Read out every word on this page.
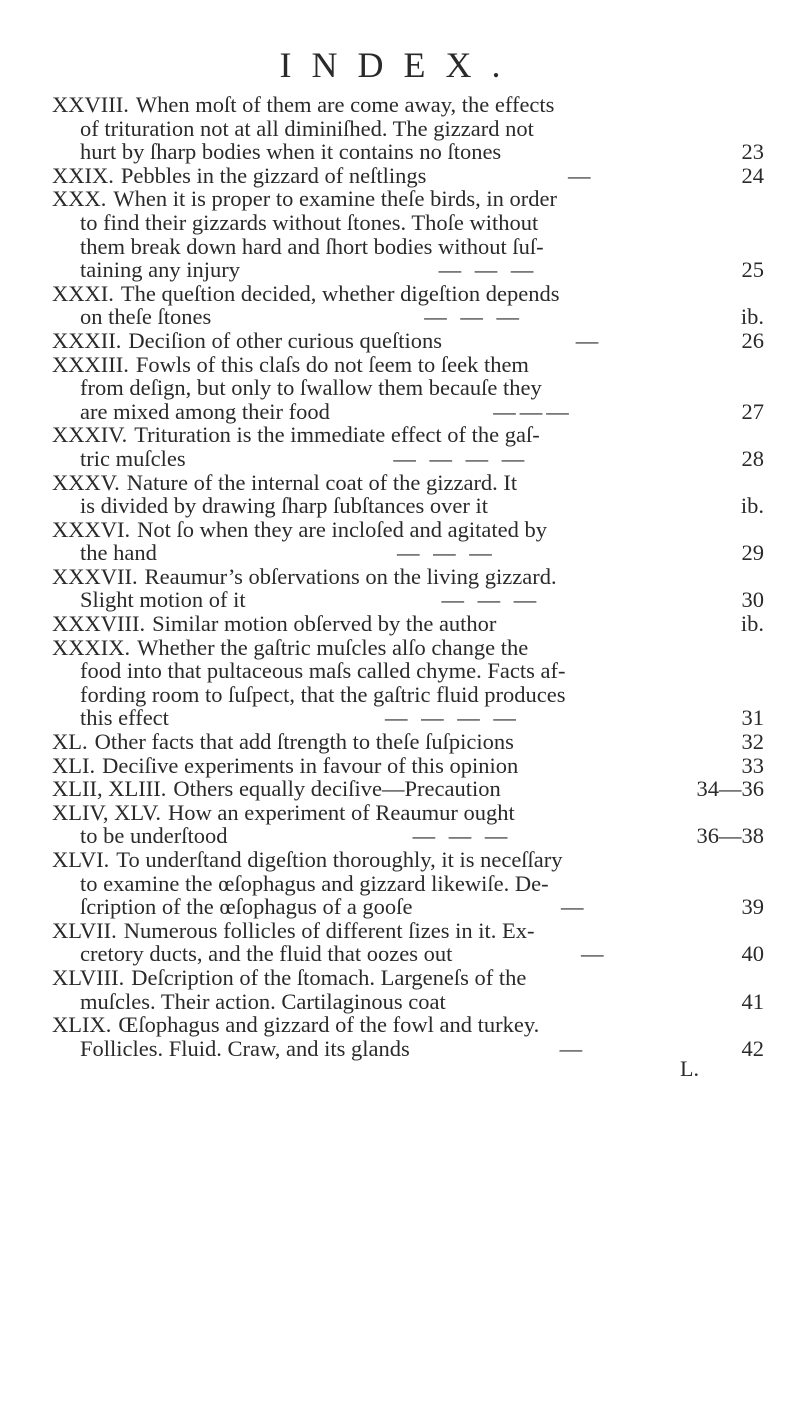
INDEX.
XXVIII. When moſt of them are come away, the effects
of trituration not at all diminiſhed. The gizzard not
hurt by ſharp bodies when it contains no ſtones	23
XXIX. Pebbles in the gizzard of neſtlings	—	24
XXX. When it is proper to examine theſe birds, in order
to find their gizzards without ſtones. Thoſe without
them break down hard and ſhort bodies without ſuſ-
taining any injury	— — —	25
XXXI. The queſtion decided, whether digeſtion depends
on theſe ſtones	— — —	ib.
XXXII. Deciſion of other curious queſtions	—	26
XXXIII. Fowls of this claſs do not ſeem to ſeek them
from deſign, but only to ſwallow them becauſe they
are mixed among their food	———	27
XXXIV. Trituration is the immediate effect of the gaſ-
tric muſcles	— — — —	28
XXXV. Nature of the internal coat of the gizzard. It
is divided by drawing ſharp ſubſtances over it	ib.
XXXVI. Not ſo when they are incloſed and agitated by
the hand	— — —	29
XXXVII. Reaumur’s obſervations on the living gizzard.
Slight motion of it	— — —	30
XXXVIII. Similar motion obſerved by the author	ib.
XXXIX. Whether the gaſtric muſcles alſo change the
food into that pultaceous maſs called chyme. Facts af-
fording room to ſuſpect, that the gaſtric fluid produces
this effect	— — — —	31
XL. Other facts that add ſtrength to theſe ſuſpicions	32
XLI. Deciſive experiments in favour of this opinion	33
XLII, XLIII. Others equally deciſive—Precaution	34—36
XLIV, XLV. How an experiment of Reaumur ought
to be underſtood	— — —	36—38
XLVI. To underſtand digeſtion thoroughly, it is neceſſary
to examine the œſophagus and gizzard likewiſe. De-
ſcription of the œſophagus of a gooſe	—	39
XLVII. Numerous follicles of different ſizes in it. Ex-
cretory ducts, and the fluid that oozes out	—	40
XLVIII. Deſcription of the ſtomach. Largeneſs of the
muſcles. Their action. Cartilaginous coat	41
XLIX. Œſophagus and gizzard of the fowl and turkey.
Follicles. Fluid. Craw, and its glands	—	42
L.
